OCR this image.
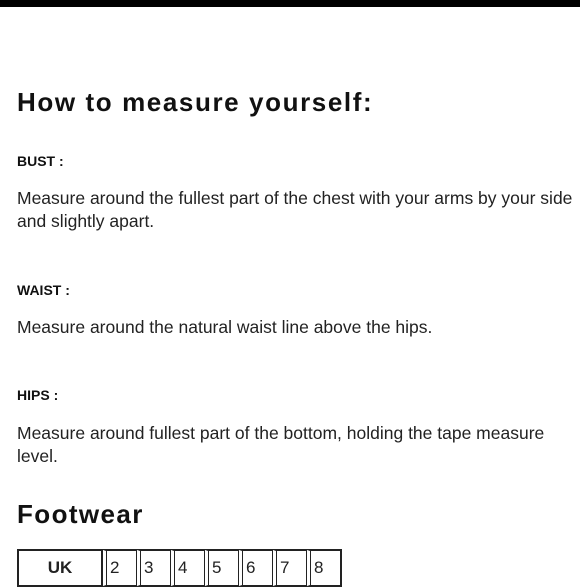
How to measure yourself:

BUST :

Measure around the fullest part of the chest with your arms by your side and slightly apart.

WAIST :

Measure around the natural waist line above the hips.

HIPS :

Measure around fullest part of the bottom, holding the tape measure level.

Footwear
UK	2	3	4	5	6	7	8
